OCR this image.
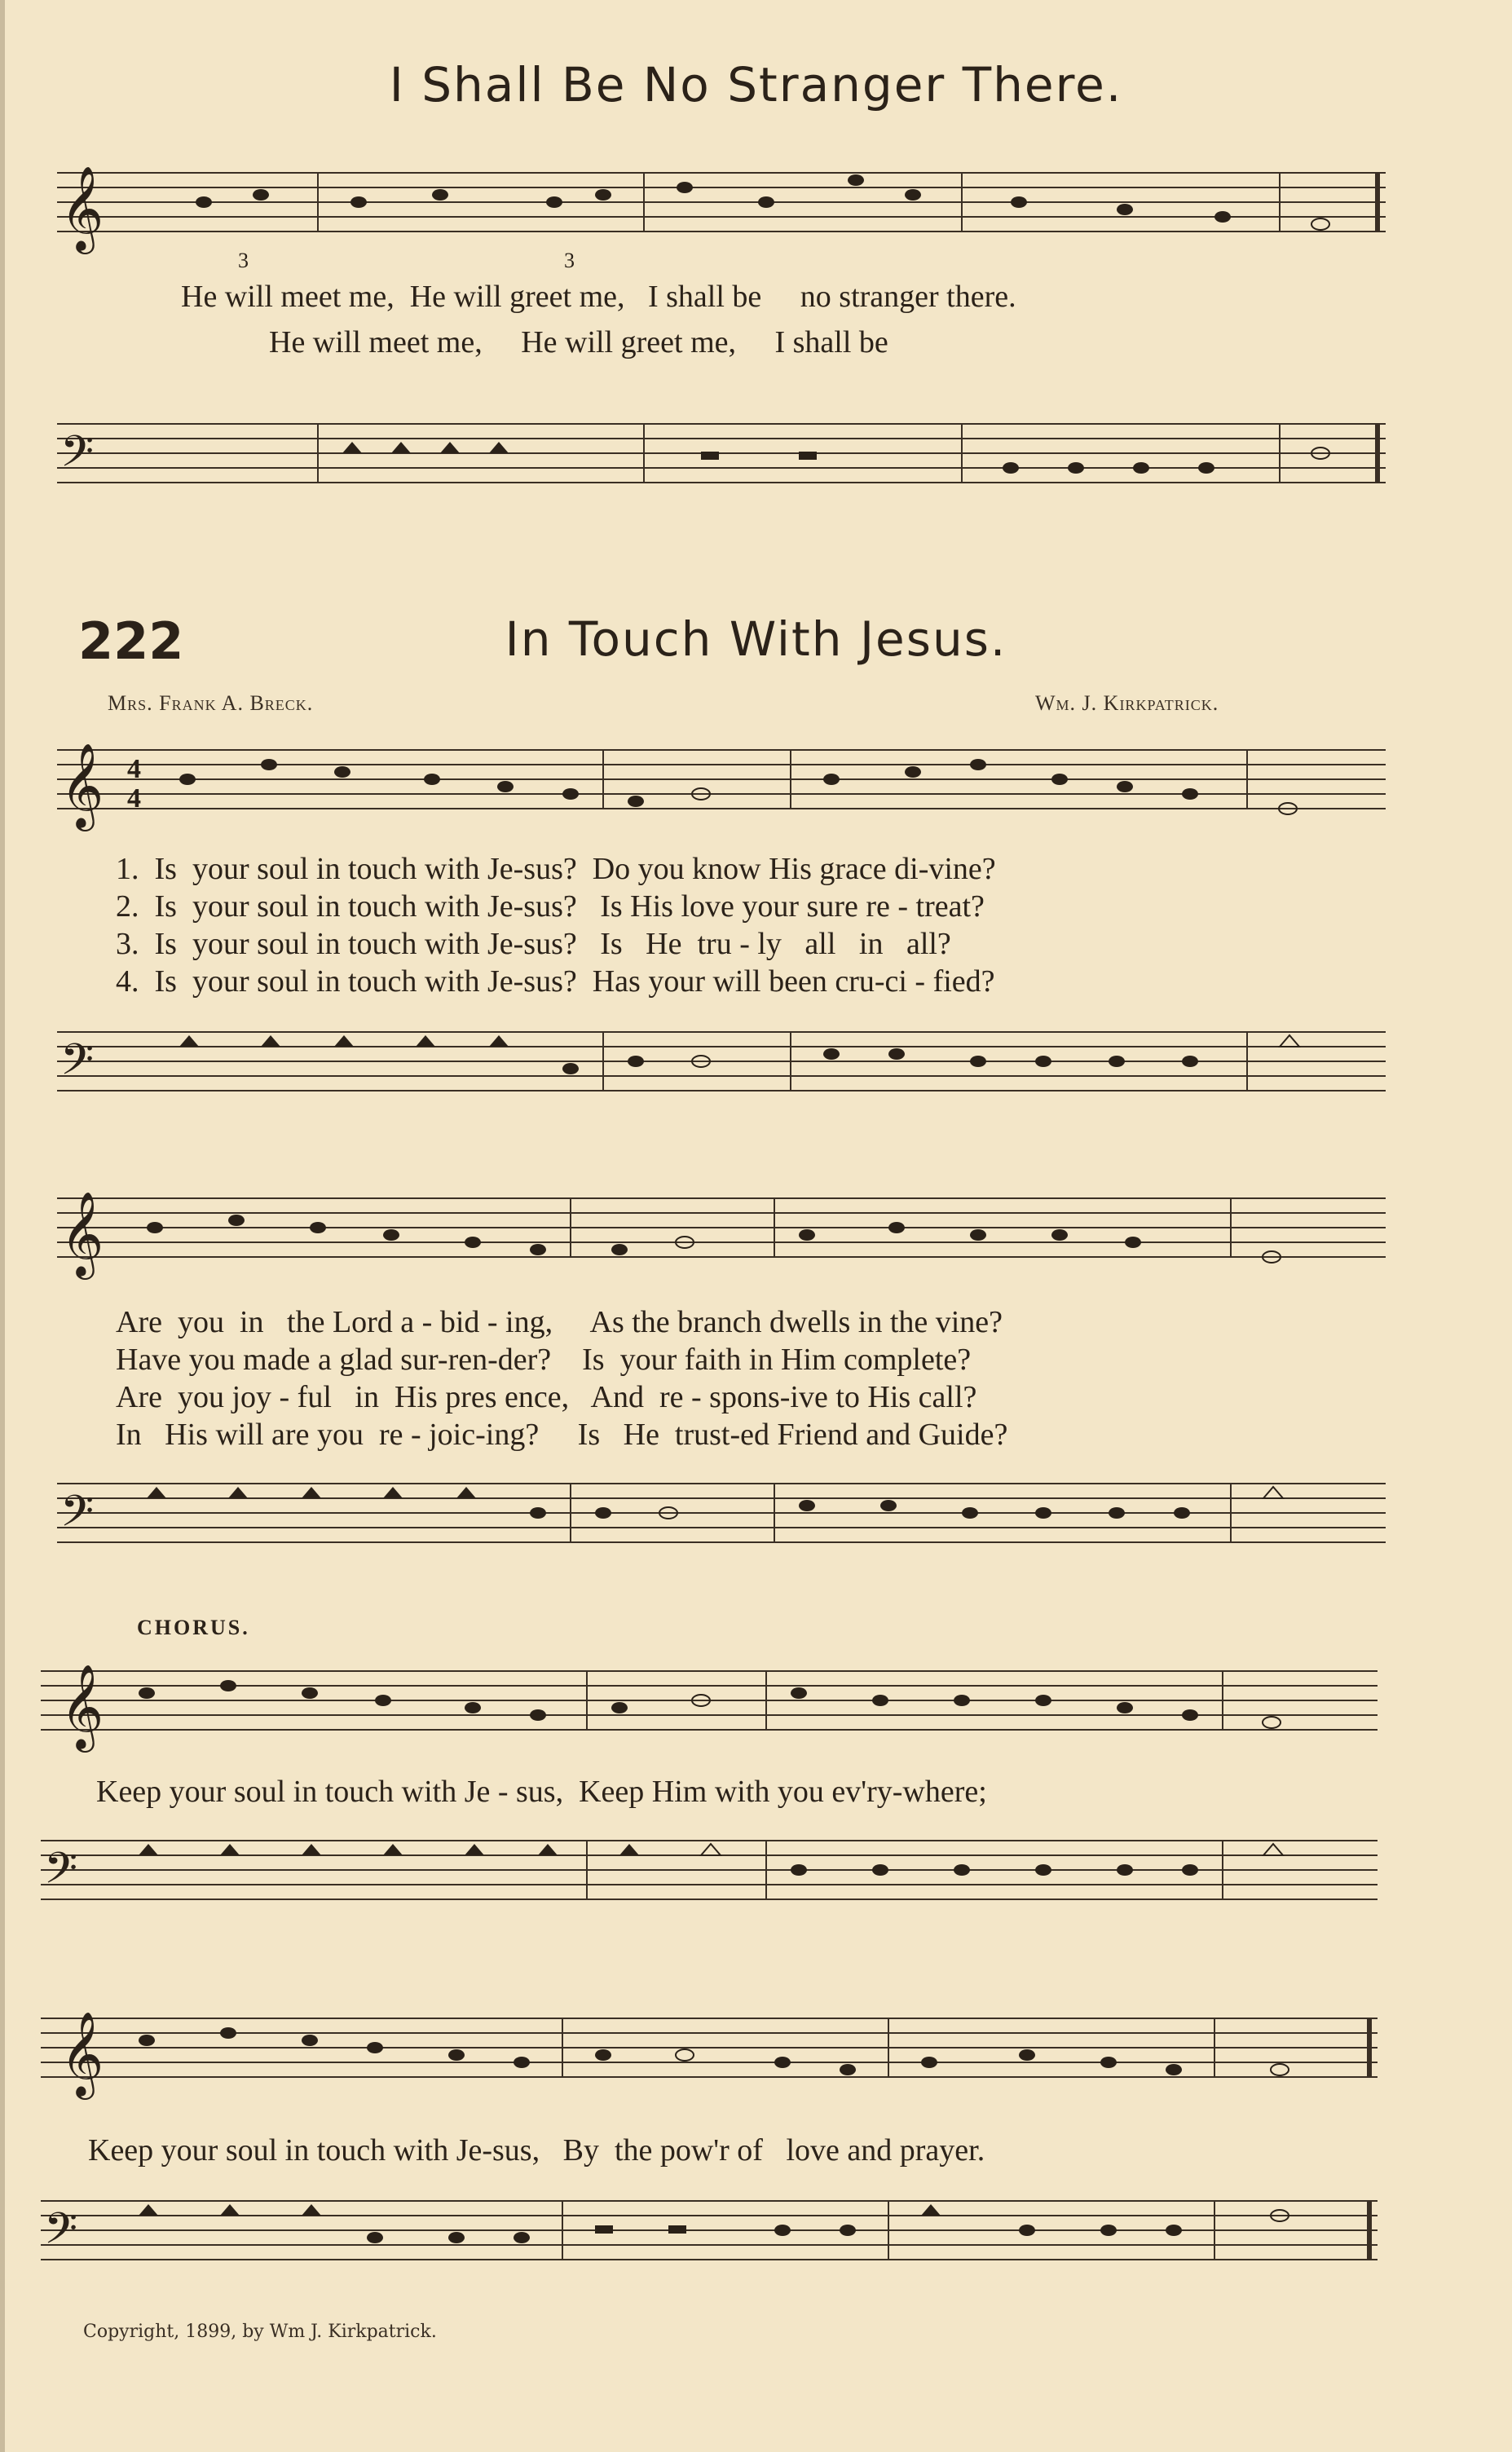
I Shall Be No Stranger There.
𝄞
3	3
He will meet me,  He will greet me,   I shall be     no stranger there.
He will meet me,     He will greet me,     I shall be
𝄢
222	In Touch With Jesus.
Mrs. Frank A. Breck.	Wm. J. Kirkpatrick.
𝄞 4
4
1.  Is  your soul in touch with Je-sus?  Do you know His grace di-vine?
2.  Is  your soul in touch with Je-sus?   Is His love your sure re - treat?
3.  Is  your soul in touch with Je-sus?   Is   He  tru - ly   all   in   all?
4.  Is  your soul in touch with Je-sus?  Has your will been cru-ci - fied?
𝄢
𝄞
Are  you  in   the Lord a - bid - ing,     As the branch dwells in the vine?
Have you made a glad sur-ren-der?    Is  your faith in Him complete?
Are  you joy - ful   in  His pres ence,   And  re - spons-ive to His call?
In   His will are you  re - joic-ing?     Is   He  trust-ed Friend and Guide?
𝄢
CHORUS.
𝄞
Keep your soul in touch with Je - sus,  Keep Him with you ev'ry-where;
𝄢
𝄞
Keep your soul in touch with Je-sus,   By  the pow'r of   love and prayer.
𝄢
Copyright, 1899, by Wm J. Kirkpatrick.
